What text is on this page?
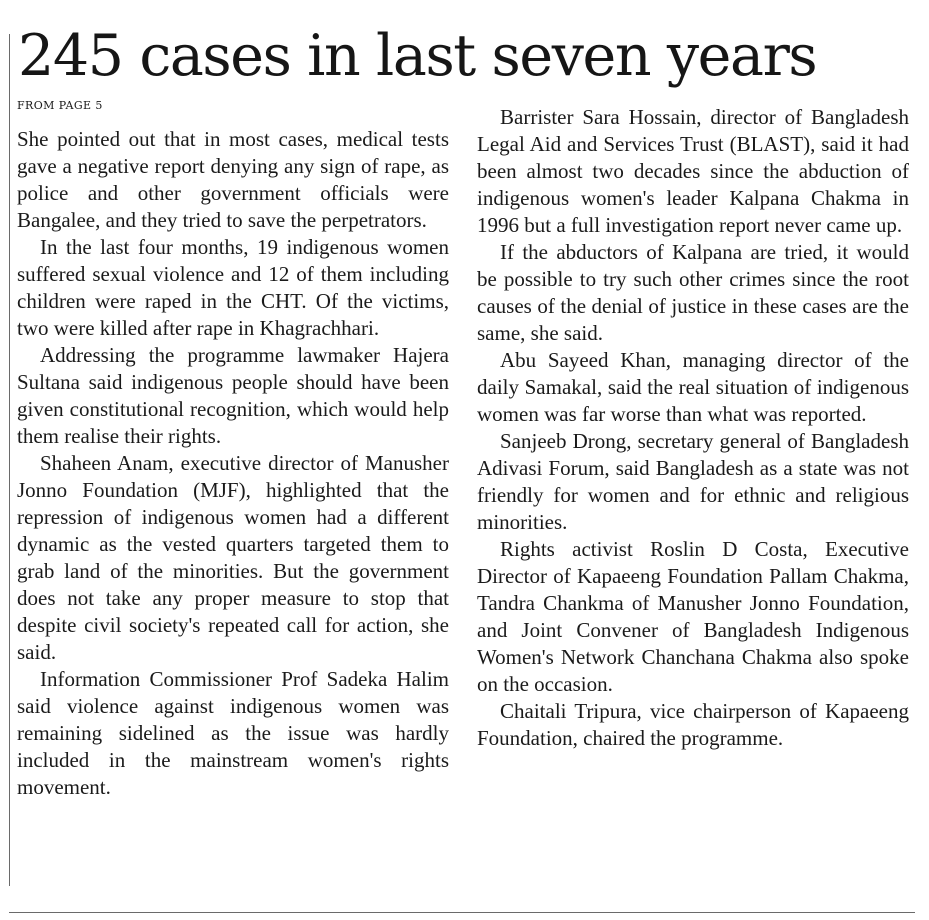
245 cases in last seven years
FROM PAGE 5

She pointed out that in most cases, medical tests gave a negative report denying any sign of rape, as police and other government officials were Bangalee, and they tried to save the perpetrators.

In the last four months, 19 indigenous women suffered sexual violence and 12 of them including children were raped in the CHT. Of the victims, two were killed after rape in Khagrachhari.

Addressing the programme lawmaker Hajera Sultana said indigenous people should have been given constitutional recognition, which would help them realise their rights.

Shaheen Anam, executive director of Manusher Jonno Foundation (MJF), highlighted that the repression of indigenous women had a different dynamic as the vested quarters targeted them to grab land of the minorities. But the government does not take any proper measure to stop that despite civil society's repeated call for action, she said.

Information Commissioner Prof Sadeka Halim said violence against indigenous women was remaining sidelined as the issue was hardly included in the mainstream women's rights movement.

Barrister Sara Hossain, director of Bangladesh Legal Aid and Services Trust (BLAST), said it had been almost two decades since the abduction of indigenous women's leader Kalpana Chakma in 1996 but a full investigation report never came up.

If the abductors of Kalpana are tried, it would be possible to try such other crimes since the root causes of the denial of justice in these cases are the same, she said.

Abu Sayeed Khan, managing director of the daily Samakal, said the real situation of indigenous women was far worse than what was reported.

Sanjeeb Drong, secretary general of Bangladesh Adivasi Forum, said Bangladesh as a state was not friendly for women and for ethnic and religious minorities.

Rights activist Roslin D Costa, Executive Director of Kapaeeng Foundation Pallam Chakma, Tandra Chankma of Manusher Jonno Foundation, and Joint Convener of Bangladesh Indigenous Women's Network Chanchana Chakma also spoke on the occasion.

Chaitali Tripura, vice chairperson of Kapaeeng Foundation, chaired the programme.
